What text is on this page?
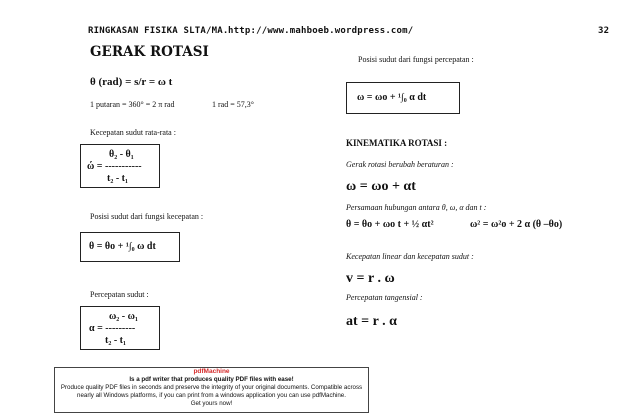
RINGKASAN FISIKA SLTA/MA. http://www.mahboeb.wordpress.com/	32
GERAK ROTASI
θ (rad) = s/r = ω t
1 putaran = 360° = 2 π rad	1 rad = 57,3°
Kecepatan sudut rata-rata :
θ₂ - θ₁
ώ = -----------
t₂ - t₁
Posisi sudut dari fungsi kecepatan :
θ = θo + ¹∫₀ ω dt
Percepatan sudut :
ω₂ - ω₁
α = ---------
t₂ - t₁
Posisi sudut dari fungsi percepatan :
ω = ωo + ¹∫₀ α dt
KINEMATIKA ROTASI :
Gerak rotasi berubah beraturan :
ω = ωo + αt
Persamaan hubungan antara θ, ω, α dan t :
θ = θo + ωo t + ½ αt²	ω² = ω²o + 2 α (θ –θo)
Kecepatan linear dan kecepatan sudut :
v = r . ω
Percepatan tangensial :
at = r . α
pdfMachine
Is a pdf writer that produces quality PDF files with ease!
Produce quality PDF files in seconds and preserve the integrity of your original documents. Compatible across
nearly all Windows platforms, if you can print from a windows application you can use pdfMachine.
Get yours now!
